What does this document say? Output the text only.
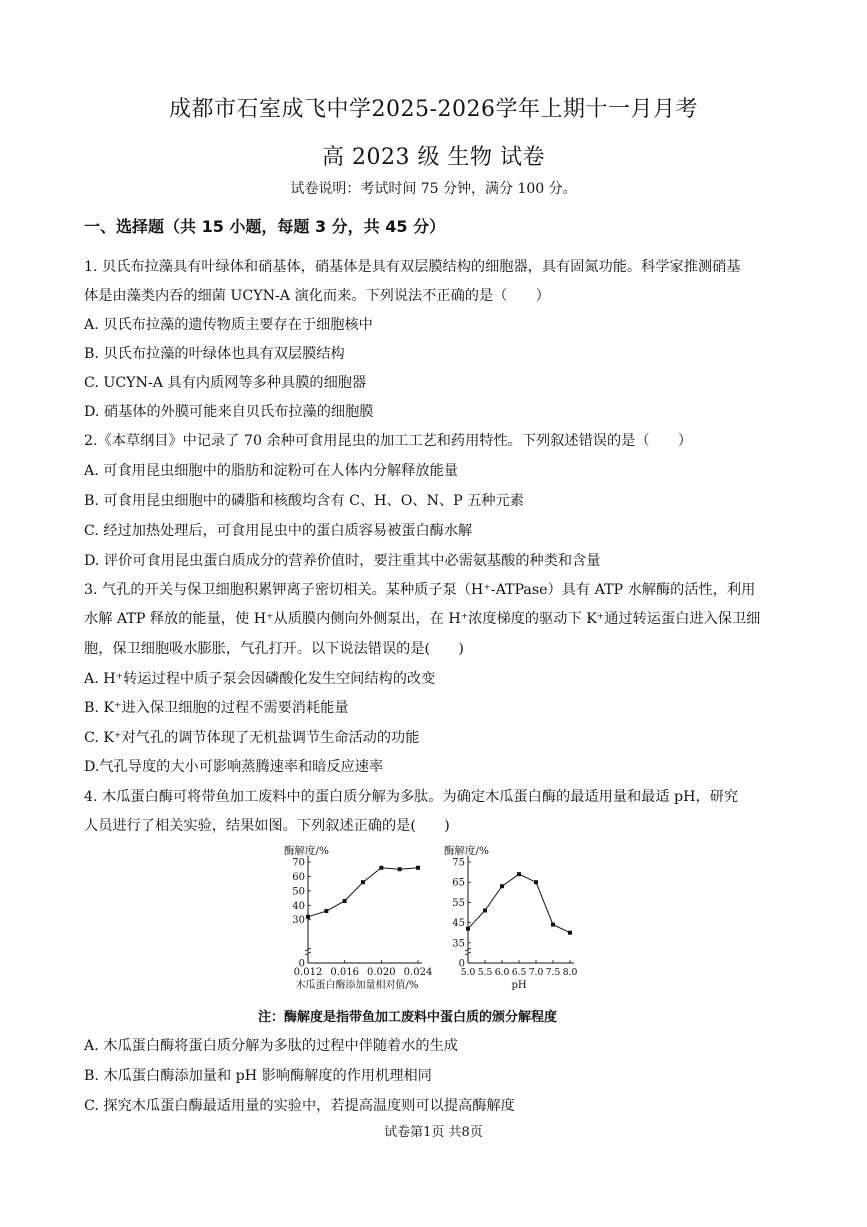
成都市石室成飞中学2025-2026学年上期十一月月考
高 2023 级 生物 试卷
试卷说明：考试时间 75 分钟，满分 100 分。
一、选择题（共 15 小题，每题 3 分，共 45 分）
1. 贝氏布拉藻具有叶绿体和硝基体，硝基体是具有双层膜结构的细胞器，具有固氮功能。科学家推测硝基
体是由藻类内吞的细菌 UCYN-A 演化而来。下列说法不正确的是（　　）
A. 贝氏布拉藻的遗传物质主要存在于细胞核中
B. 贝氏布拉藻的叶绿体也具有双层膜结构
C. UCYN-A 具有内质网等多种具膜的细胞器
D. 硝基体的外膜可能来自贝氏布拉藻的细胞膜
2.《本草纲目》中记录了 70 余种可食用昆虫的加工工艺和药用特性。下列叙述错误的是（　　）
A. 可食用昆虫细胞中的脂肪和淀粉可在人体内分解释放能量
B. 可食用昆虫细胞中的磷脂和核酸均含有 C、H、O、N、P 五种元素
C. 经过加热处理后，可食用昆虫中的蛋白质容易被蛋白酶水解
D. 评价可食用昆虫蛋白质成分的营养价值时，要注重其中必需氨基酸的种类和含量
3. 气孔的开关与保卫细胞积累钾离子密切相关。某种质子泵（H⁺-ATPase）具有 ATP 水解酶的活性，利用
水解 ATP 释放的能量，使 H⁺从质膜内侧向外侧泵出，在 H⁺浓度梯度的驱动下 K⁺通过转运蛋白进入保卫细
胞，保卫细胞吸水膨胀，气孔打开。以下说法错误的是(　　)
A. H⁺转运过程中质子泵会因磷酸化发生空间结构的改变
B. K⁺进入保卫细胞的过程不需要消耗能量
C. K⁺对气孔的调节体现了无机盐调节生命活动的功能
D.气孔导度的大小可影响蒸腾速率和暗反应速率
4. 木瓜蛋白酶可将带鱼加工废料中的蛋白质分解为多肽。为确定木瓜蛋白酶的最适用量和最适 pH，研究
人员进行了相关实验，结果如图。下列叙述正确的是(　　)
酶解度/%
0
30
40
50
60
70
0.012 0.016 0.020 0.024
木瓜蛋白酶添加量相对值/%
酶解度/%
0
35
45
55
65
75
5.0 5.5 6.0 6.5 7.0 7.5 8.0
pH
注：酶解度是指带鱼加工废料中蛋白质的颁分解程度
A. 木瓜蛋白酶将蛋白质分解为多肽的过程中伴随着水的生成
B. 木瓜蛋白酶添加量和 pH 影响酶解度的作用机理相同
C. 探究木瓜蛋白酶最适用量的实验中，若提高温度则可以提高酶解度
试卷第1页 共8页
